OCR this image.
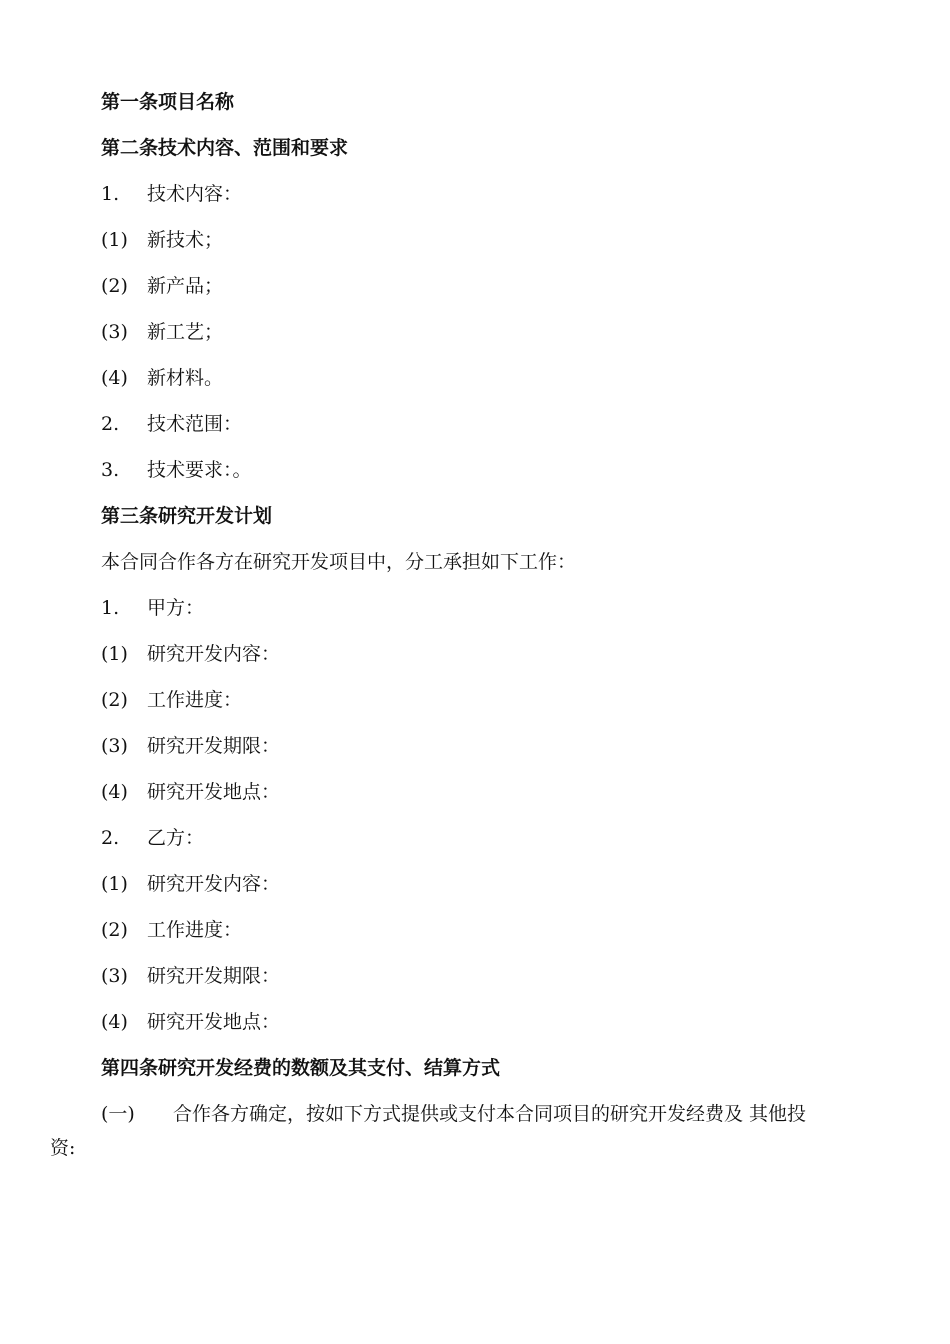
第一条项目名称
第二条技术内容、范围和要求
1. 技术内容：
(1) 新技术；
(2) 新产品；
(3) 新工艺；
(4) 新材料。
2. 技术范围：
3. 技术要求：。
第三条研究开发计划
本合同合作各方在研究开发项目中，分工承担如下工作：
1. 甲方：
(1) 研究开发内容：
(2) 工作进度：
(3) 研究开发期限：
(4) 研究开发地点：
2. 乙方：
(1) 研究开发内容：
(2) 工作进度：
(3) 研究开发期限：
(4) 研究开发地点：
第四条研究开发经费的数额及其支付、结算方式
(一) 合作各方确定，按如下方式提供或支付本合同项目的研究开发经费及 其他投
资:
